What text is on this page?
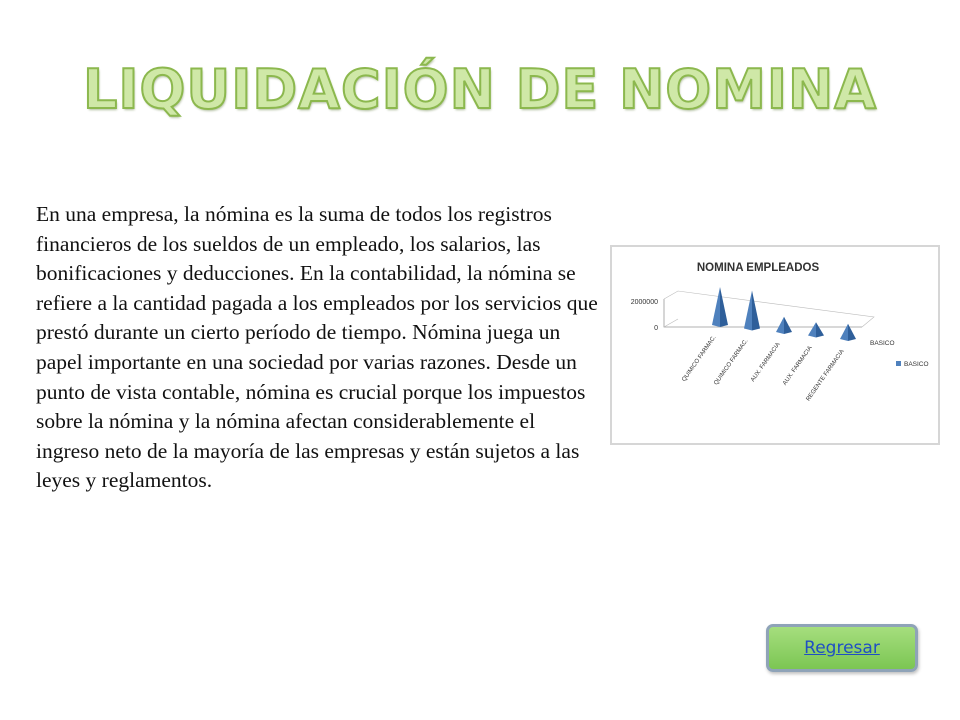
LIQUIDACIÓN DE NOMINA

En una empresa, la nómina es la suma de todos los registros financieros de los sueldos de un empleado, los salarios, las bonificaciones y deducciones. En la contabilidad, la nómina se refiere a la cantidad pagada a los empleados por los servicios que prestó durante un cierto período de tiempo. Nómina juega un papel importante en una sociedad por varias razones. Desde un punto de vista contable, nómina es crucial porque los impuestos sobre la nómina y la nómina afectan considerablemente el ingreso neto de la mayoría de las empresas y están sujetos a las leyes y reglamentos.

NOMINA EMPLEADOS
2000000
0
QUIMICO FARMAC.
QUIMICO FARMAC. AUX. FARMACIA AUX. FARMACIA
REGENTE FARMACIA
BASICO
BASICO
Regresar
